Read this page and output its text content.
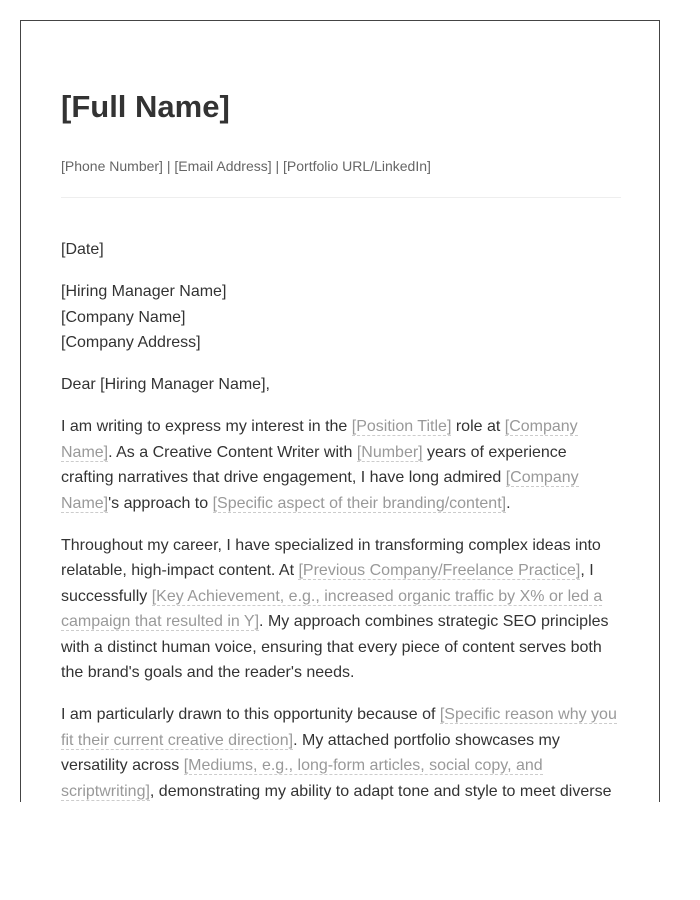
[Full Name]
[Phone Number] | [Email Address] | [Portfolio URL/LinkedIn]

[Date]

[Hiring Manager Name]
[Company Name]
[Company Address]

Dear [Hiring Manager Name],

I am writing to express my interest in the [Position Title] role at [Company Name]. As a Creative Content Writer with [Number] years of experience crafting narratives that drive engagement, I have long admired [Company Name]'s approach to [Specific aspect of their branding/content].

Throughout my career, I have specialized in transforming complex ideas into relatable, high-impact content. At [Previous Company/Freelance Practice], I successfully [Key Achievement, e.g., increased organic traffic by X% or led a campaign that resulted in Y]. My approach combines strategic SEO principles with a distinct human voice, ensuring that every piece of content serves both the brand's goals and the reader's needs.

I am particularly drawn to this opportunity because of [Specific reason why you fit their current creative direction]. My attached portfolio showcases my versatility across [Mediums, e.g., long-form articles, social copy, and scriptwriting], demonstrating my ability to adapt tone and style to meet diverse
